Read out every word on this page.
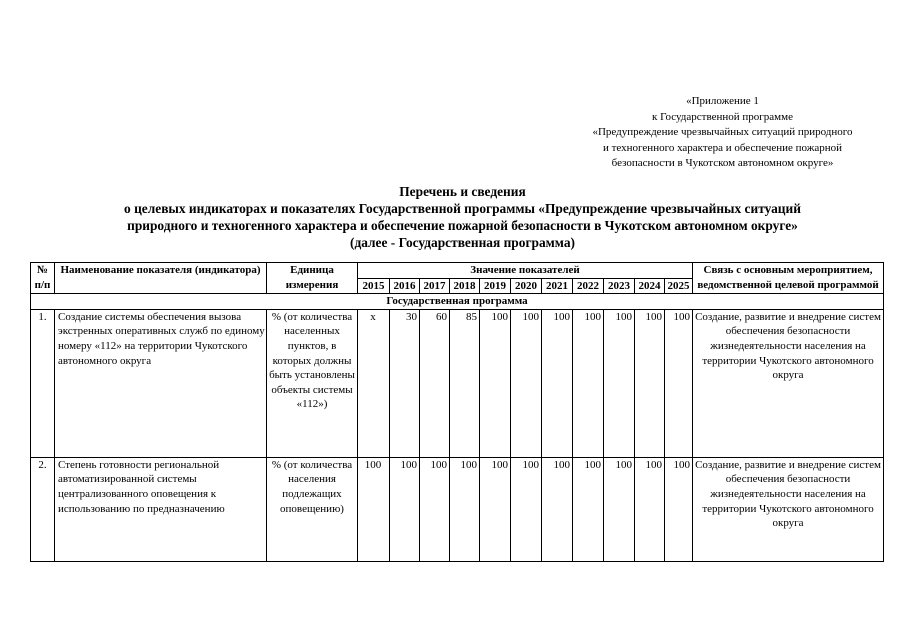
«Приложение 1
к Государственной программе
«Предупреждение чрезвычайных ситуаций природного
и техногенного характера и обеспечение пожарной
безопасности в Чукотском автономном округе»
Перечень и сведения
о целевых индикаторах и показателях Государственной программы «Предупреждение чрезвычайных ситуаций
природного и техногенного характера и обеспечение пожарной безопасности в Чукотском автономном округе»
(далее - Государственная программа)
№ п/п	Наименование показателя (индикатора)	Единица измерения	Значение показателей											Связь с основным мероприятием, ведомственной целевой программой
			2015	2016	2017	2018	2019	2020	2021	2022	2023	2024	2025	
Государственная программа														
1.	Создание системы обеспечения вызова экстренных оперативных служб по единому номеру «112» на территории Чукотского автономного округа	% (от количества населенных пунктов, в которых должны быть установлены объекты системы «112»)	х	30	60	85	100	100	100	100	100	100	100	Создание, развитие и внедрение систем обеспечения безопасности жизнедеятельности населения на территории Чукотского автономного округа
2.	Степень готовности региональной автоматизированной системы централизованного оповещения к использованию по предназначению	% (от количества населения подлежащих оповещению)	100	100	100	100	100	100	100	100	100	100	100	Создание, развитие и внедрение систем обеспечения безопасности жизнедеятельности населения на территории Чукотского автономного округа
